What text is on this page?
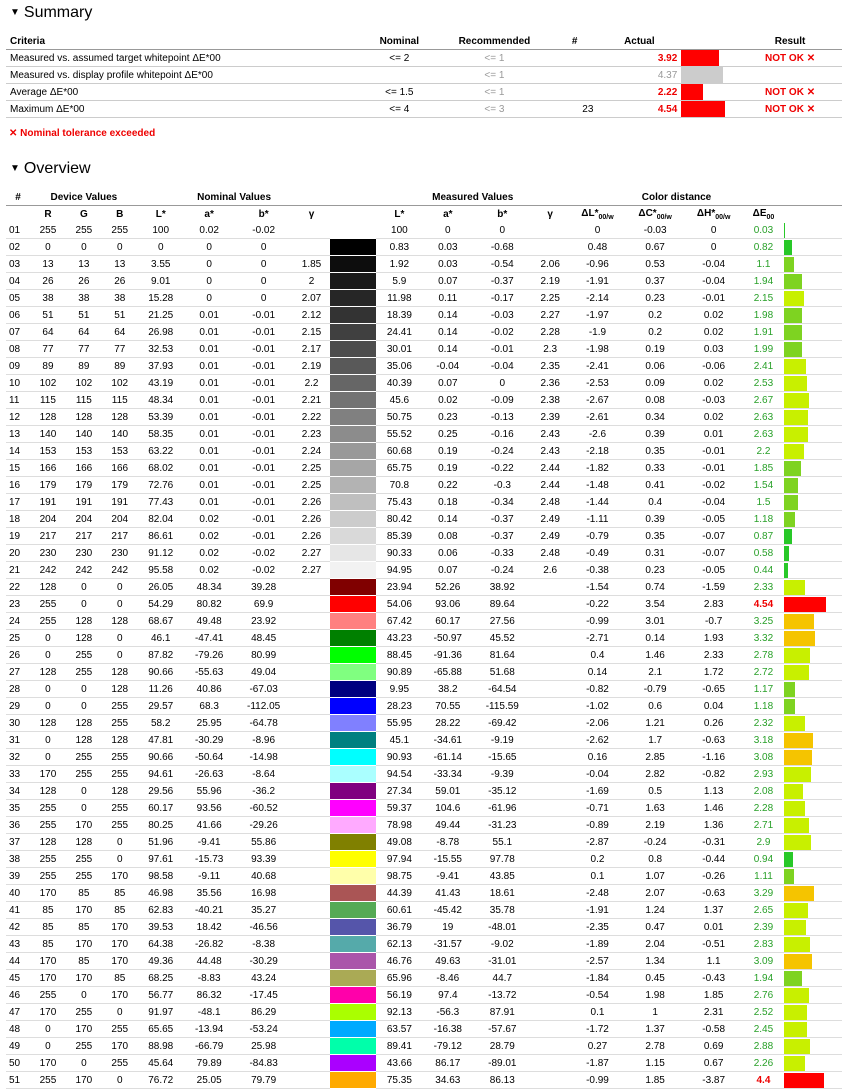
▼ Summary
Criteria	Nominal	Recommended	#	Actual		Result
Measured vs. assumed target whitepoint ΔE*00	<= 2	<= 1		3.92		NOT OK ✕
Measured vs. display profile whitepoint ΔE*00		<= 1		4.37		
Average ΔE*00	<= 1.5	<= 1		2.22		NOT OK ✕
Maximum ΔE*00	<= 4	<= 3	23	4.54		NOT OK ✕
✕ Nominal tolerance exceeded
▼ Overview
#	Device Values			Nominal Values					Measured Values				Color distance				
	R	G	B	L*	a*	b*	γ		L*	a*	b*	γ	$\Delta L*_{00/w}$	$\Delta C*_{00/w}$	$\Delta H*_{00/w}$	$\Delta E_{00}$	
01	255	255	255	100	0.02	-0.02			100	0	0		0	-0.03	0	0.03	

02	0	0	0	0	0	0			0.83	0.03	-0.68		0.48	0.67	0	0.82	

03	13	13	13	3.55	0	0	1.85		1.92	0.03	-0.54	2.06	-0.96	0.53	-0.04	1.1	

04	26	26	26	9.01	0	0	2		5.9	0.07	-0.37	2.19	-1.91	0.37	-0.04	1.94	

05	38	38	38	15.28	0	0	2.07		11.98	0.11	-0.17	2.25	-2.14	0.23	-0.01	2.15	

06	51	51	51	21.25	0.01	-0.01	2.12		18.39	0.14	-0.03	2.27	-1.97	0.2	0.02	1.98	

07	64	64	64	26.98	0.01	-0.01	2.15		24.41	0.14	-0.02	2.28	-1.9	0.2	0.02	1.91	

08	77	77	77	32.53	0.01	-0.01	2.17		30.01	0.14	-0.01	2.3	-1.98	0.19	0.03	1.99	

09	89	89	89	37.93	0.01	-0.01	2.19		35.06	-0.04	-0.04	2.35	-2.41	0.06	-0.06	2.41	

10	102	102	102	43.19	0.01	-0.01	2.2		40.39	0.07	0	2.36	-2.53	0.09	0.02	2.53	

11	115	115	115	48.34	0.01	-0.01	2.21		45.6	0.02	-0.09	2.38	-2.67	0.08	-0.03	2.67	

12	128	128	128	53.39	0.01	-0.01	2.22		50.75	0.23	-0.13	2.39	-2.61	0.34	0.02	2.63	

13	140	140	140	58.35	0.01	-0.01	2.23		55.52	0.25	-0.16	2.43	-2.6	0.39	0.01	2.63	

14	153	153	153	63.22	0.01	-0.01	2.24		60.68	0.19	-0.24	2.43	-2.18	0.35	-0.01	2.2	

15	166	166	166	68.02	0.01	-0.01	2.25		65.75	0.19	-0.22	2.44	-1.82	0.33	-0.01	1.85	

16	179	179	179	72.76	0.01	-0.01	2.25		70.8	0.22	-0.3	2.44	-1.48	0.41	-0.02	1.54	

17	191	191	191	77.43	0.01	-0.01	2.26		75.43	0.18	-0.34	2.48	-1.44	0.4	-0.04	1.5	

18	204	204	204	82.04	0.02	-0.01	2.26		80.42	0.14	-0.37	2.49	-1.11	0.39	-0.05	1.18	

19	217	217	217	86.61	0.02	-0.01	2.26		85.39	0.08	-0.37	2.49	-0.79	0.35	-0.07	0.87	

20	230	230	230	91.12	0.02	-0.02	2.27		90.33	0.06	-0.33	2.48	-0.49	0.31	-0.07	0.58	

21	242	242	242	95.58	0.02	-0.02	2.27		94.95	0.07	-0.24	2.6	-0.38	0.23	-0.05	0.44	

22	128	0	0	26.05	48.34	39.28			23.94	52.26	38.92		-1.54	0.74	-1.59	2.33	

23	255	0	0	54.29	80.82	69.9			54.06	93.06	89.64		-0.22	3.54	2.83	4.54	

24	255	128	128	68.67	49.48	23.92			67.42	60.17	27.56		-0.99	3.01	-0.7	3.25	

25	0	128	0	46.1	-47.41	48.45			43.23	-50.97	45.52		-2.71	0.14	1.93	3.32	

26	0	255	0	87.82	-79.26	80.99			88.45	-91.36	81.64		0.4	1.46	2.33	2.78	

27	128	255	128	90.66	-55.63	49.04			90.89	-65.88	51.68		0.14	2.1	1.72	2.72	

28	0	0	128	11.26	40.86	-67.03			9.95	38.2	-64.54		-0.82	-0.79	-0.65	1.17	

29	0	0	255	29.57	68.3	-112.05			28.23	70.55	-115.59		-1.02	0.6	0.04	1.18	

30	128	128	255	58.2	25.95	-64.78			55.95	28.22	-69.42		-2.06	1.21	0.26	2.32	

31	0	128	128	47.81	-30.29	-8.96			45.1	-34.61	-9.19		-2.62	1.7	-0.63	3.18	

32	0	255	255	90.66	-50.64	-14.98			90.93	-61.14	-15.65		0.16	2.85	-1.16	3.08	

33	170	255	255	94.61	-26.63	-8.64			94.54	-33.34	-9.39		-0.04	2.82	-0.82	2.93	

34	128	0	128	29.56	55.96	-36.2			27.34	59.01	-35.12		-1.69	0.5	1.13	2.08	

35	255	0	255	60.17	93.56	-60.52			59.37	104.6	-61.96		-0.71	1.63	1.46	2.28	

36	255	170	255	80.25	41.66	-29.26			78.98	49.44	-31.23		-0.89	2.19	1.36	2.71	

37	128	128	0	51.96	-9.41	55.86			49.08	-8.78	55.1		-2.87	-0.24	-0.31	2.9	

38	255	255	0	97.61	-15.73	93.39			97.94	-15.55	97.78		0.2	0.8	-0.44	0.94	

39	255	255	170	98.58	-9.11	40.68			98.75	-9.41	43.85		0.1	1.07	-0.26	1.11	

40	170	85	85	46.98	35.56	16.98			44.39	41.43	18.61		-2.48	2.07	-0.63	3.29	

41	85	170	85	62.83	-40.21	35.27			60.61	-45.42	35.78		-1.91	1.24	1.37	2.65	

42	85	85	170	39.53	18.42	-46.56			36.79	19	-48.01		-2.35	0.47	0.01	2.39	

43	85	170	170	64.38	-26.82	-8.38			62.13	-31.57	-9.02		-1.89	2.04	-0.51	2.83	

44	170	85	170	49.36	44.48	-30.29			46.76	49.63	-31.01		-2.57	1.34	1.1	3.09	

45	170	170	85	68.25	-8.83	43.24			65.96	-8.46	44.7		-1.84	0.45	-0.43	1.94	

46	255	0	170	56.77	86.32	-17.45			56.19	97.4	-13.72		-0.54	1.98	1.85	2.76	

47	170	255	0	91.97	-48.1	86.29			92.13	-56.3	87.91		0.1	1	2.31	2.52	

48	0	170	255	65.65	-13.94	-53.24			63.57	-16.38	-57.67		-1.72	1.37	-0.58	2.45	

49	0	255	170	88.98	-66.79	25.98			89.41	-79.12	28.79		0.27	2.78	0.69	2.88	

50	170	0	255	45.64	79.89	-84.83			43.66	86.17	-89.01		-1.87	1.15	0.67	2.26	

51	255	170	0	76.72	25.05	79.79			75.35	34.63	86.13		-0.99	1.85	-3.87	4.4	
